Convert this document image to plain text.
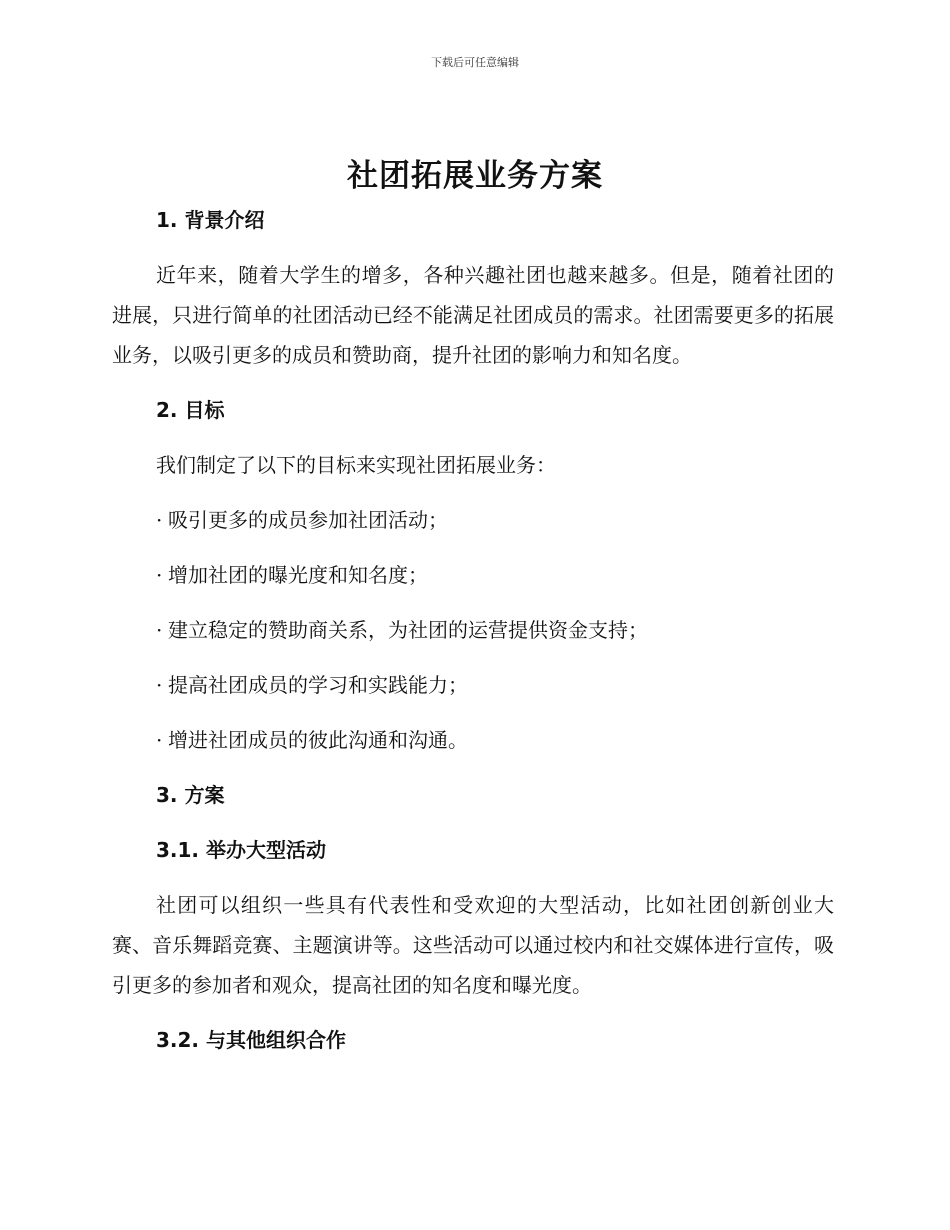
下载后可任意编辑
社团拓展业务方案
1. 背景介绍

近年来，随着大学生的增多，各种兴趣社团也越来越多。但是，随着社团的进展，只进行简单的社团活动已经不能满足社团成员的需求。社团需要更多的拓展业务，以吸引更多的成员和赞助商，提升社团的影响力和知名度。

2. 目标
我们制定了以下的目标来实现社团拓展业务：
· 吸引更多的成员参加社团活动；
· 增加社团的曝光度和知名度；
· 建立稳定的赞助商关系，为社团的运营提供资金支持；
· 提高社团成员的学习和实践能力；
· 增进社团成员的彼此沟通和沟通。
3. 方案
3.1. 举办大型活动

社团可以组织一些具有代表性和受欢迎的大型活动，比如社团创新创业大赛、音乐舞蹈竞赛、主题演讲等。这些活动可以通过校内和社交媒体进行宣传，吸引更多的参加者和观众，提高社团的知名度和曝光度。

3.2. 与其他组织合作
